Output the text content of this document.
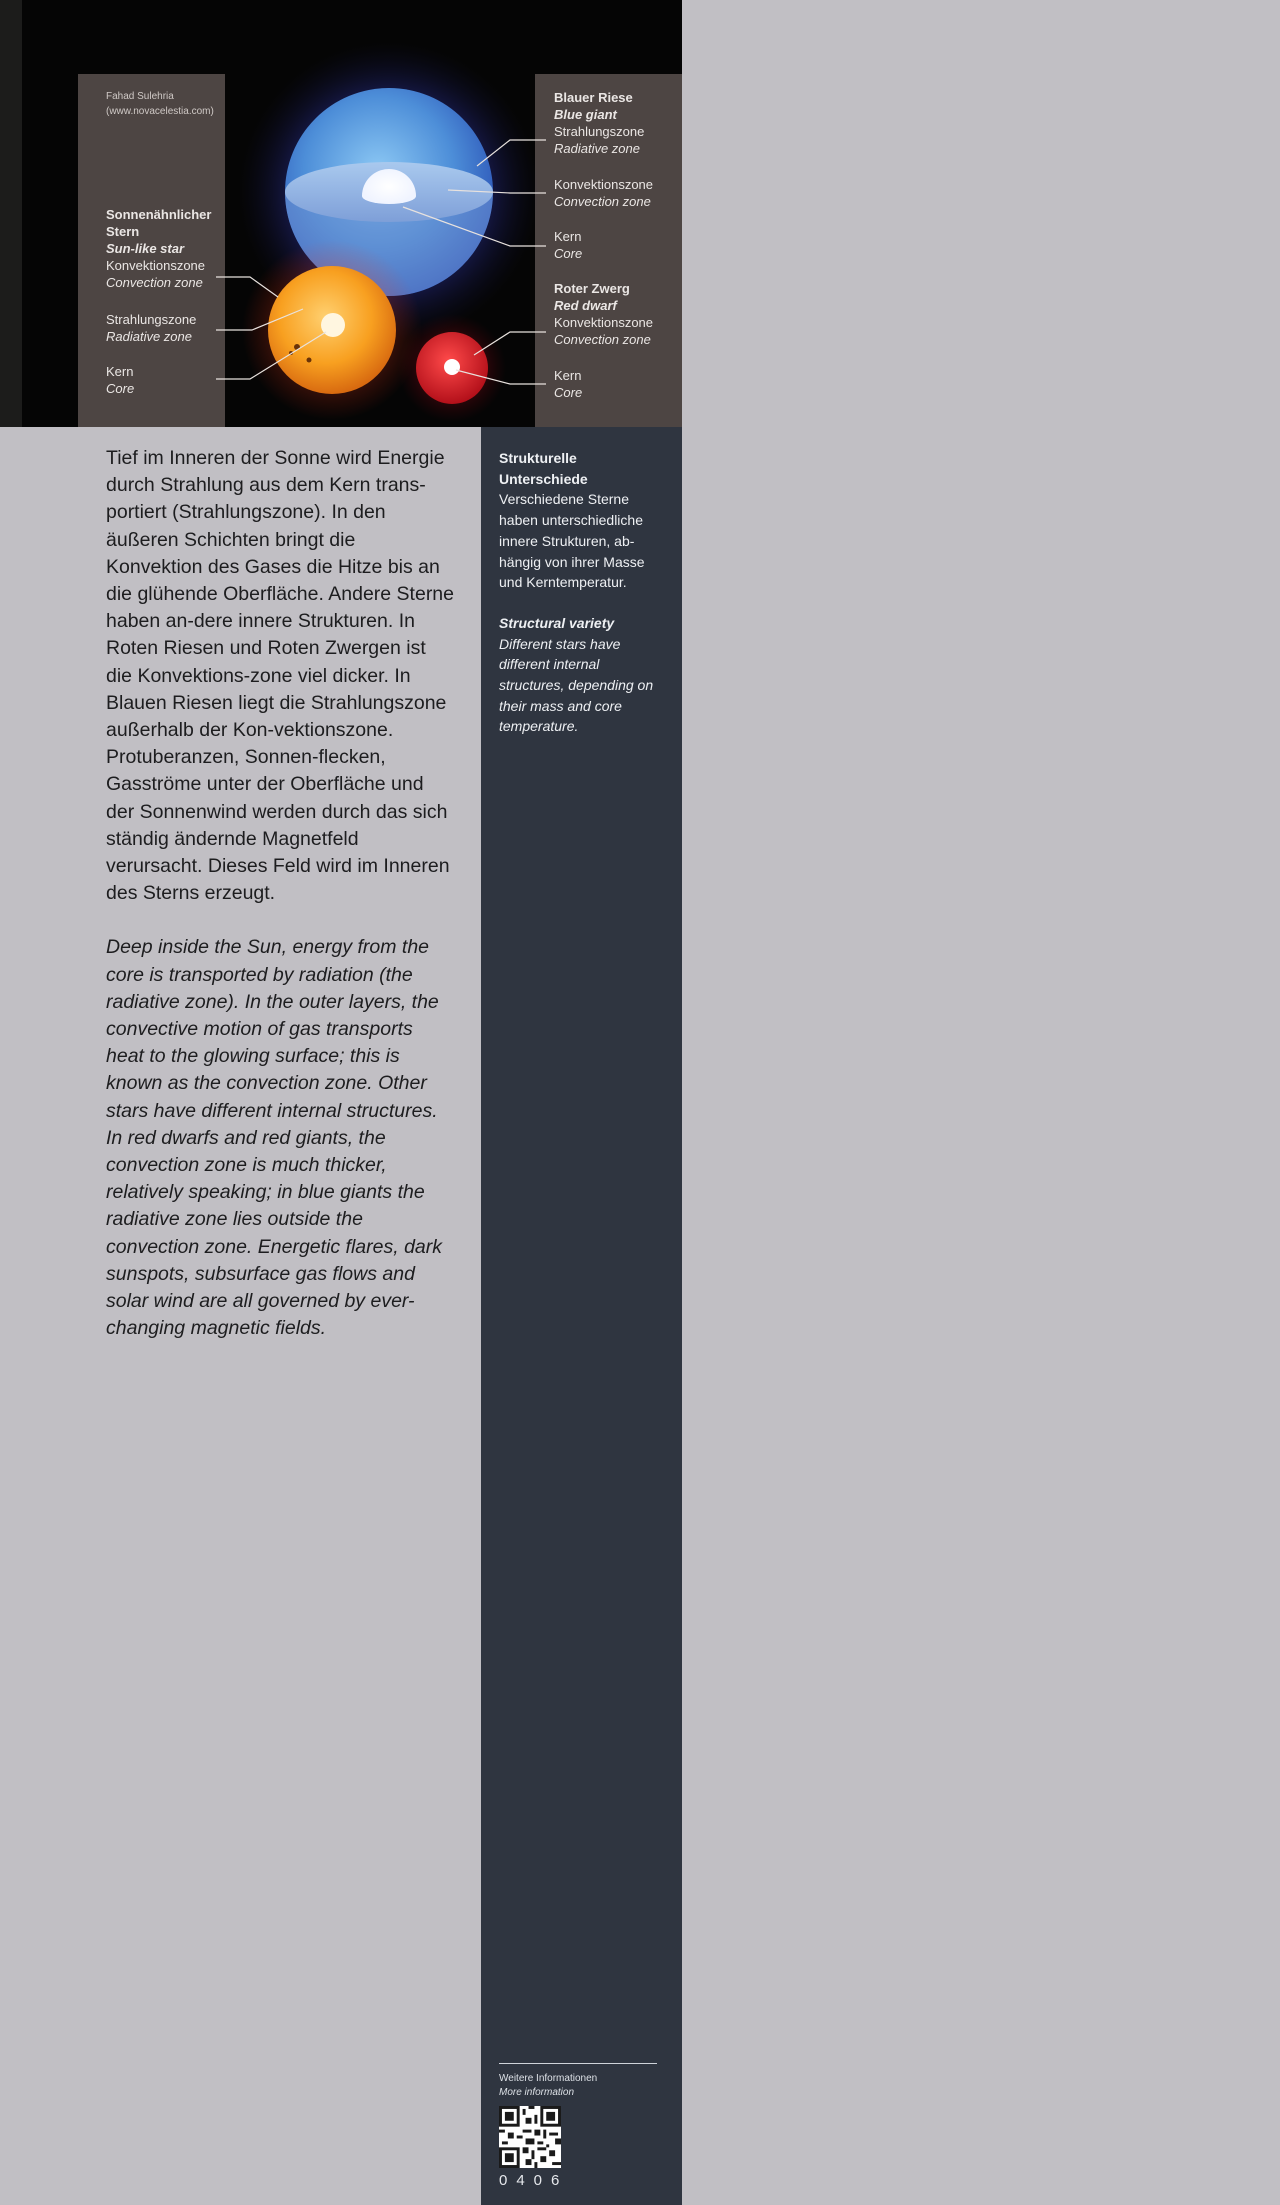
Fahad Sulehria
(www.novacelestia.com)
Sonnenähnlicher Stern
Sun-like star
Konvektionszone
Convection zone
Strahlungszone
Radiative zone
Kern
Core
Blauer Riese
Blue giant
Strahlungszone
Radiative zone
Konvektionszone
Convection zone
Kern
Core
Roter Zwerg
Red dwarf
Konvektionszone
Convection zone
Kern
Core

Tief im Inneren der Sonne wird Energie durch Strahlung aus dem Kern trans-portiert (Strahlungszone). In den äußeren Schichten bringt die Konvektion des Gases die Hitze bis an die glühende Oberfläche. Andere Sterne haben an-dere innere Strukturen. In Roten Riesen und Roten Zwergen ist die Konvektions-zone viel dicker. In Blauen Riesen liegt die Strahlungszone außerhalb der Kon-vektionszone. Protuberanzen, Sonnen-flecken, Gasströme unter der Oberfläche und der Sonnenwind werden durch das sich ständig ändernde Magnetfeld verursacht. Dieses Feld wird im Inneren des Sterns erzeugt.

Deep inside the Sun, energy from the core is transported by radiation (the radiative zone). In the outer layers, the convective motion of gas transports heat to the glowing surface; this is known as the convection zone. Other stars have different internal structures. In red dwarfs and red giants, the convection zone is much thicker, relatively speaking; in blue giants the radiative zone lies outside the convection zone. Energetic flares, dark sunspots, subsurface gas flows and solar wind are all governed by ever-changing magnetic fields.

Strukturelle Unterschiede
Verschiedene Sterne haben unterschiedliche innere Strukturen, ab-hängig von ihrer Masse und Kerntemperatur.

Structural variety
Different stars have different internal structures, depending on their mass and core temperature.

Weitere Informationen
More information
0406
